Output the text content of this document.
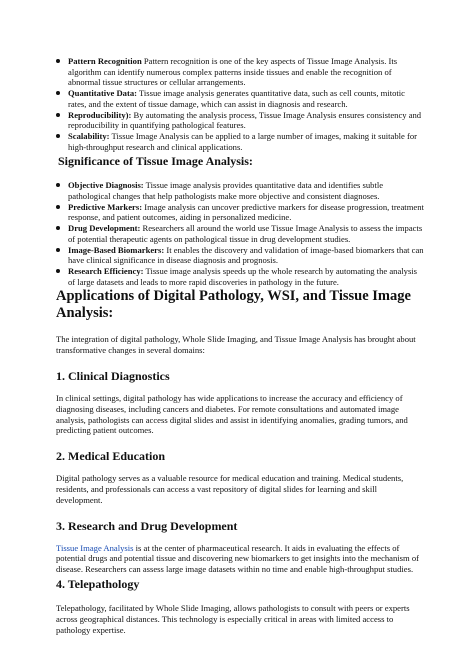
Pattern Recognition Pattern recognition is one of the key aspects of Tissue Image Analysis. Its algorithm can identify numerous complex patterns inside tissues and enable the recognition of abnormal tissue structures or cellular arrangements.
Quantitative Data: Tissue image analysis generates quantitative data, such as cell counts, mitotic rates, and the extent of tissue damage, which can assist in diagnosis and research.
Reproducibility): By automating the analysis process, Tissue Image Analysis ensures consistency and reproducibility in quantifying pathological features.
Scalability: Tissue Image Analysis can be applied to a large number of images, making it suitable for high-throughput research and clinical applications.
Significance of Tissue Image Analysis:
Objective Diagnosis: Tissue image analysis provides quantitative data and identifies subtle pathological changes that help pathologists make more objective and consistent diagnoses.
Predictive Markers: Image analysis can uncover predictive markers for disease progression, treatment response, and patient outcomes, aiding in personalized medicine.
Drug Development: Researchers all around the world use Tissue Image Analysis to assess the impacts of potential therapeutic agents on pathological tissue in drug development studies.
Image-Based Biomarkers: It enables the discovery and validation of image-based biomarkers that can have clinical significance in disease diagnosis and prognosis.
Research Efficiency: Tissue image analysis speeds up the whole research by automating the analysis of large datasets and leads to more rapid discoveries in pathology in the future.
Applications of Digital Pathology, WSI, and Tissue Image Analysis:

The integration of digital pathology, Whole Slide Imaging, and Tissue Image Analysis has brought about transformative changes in several domains:

1. Clinical Diagnostics

In clinical settings, digital pathology has wide applications to increase the accuracy and efficiency of diagnosing diseases, including cancers and diabetes. For remote consultations and automated image analysis, pathologists can access digital slides and assist in identifying anomalies, grading tumors, and predicting patient outcomes.

2. Medical Education

Digital pathology serves as a valuable resource for medical education and training. Medical students, residents, and professionals can access a vast repository of digital slides for learning and skill development.

3. Research and Drug Development

Tissue Image Analysis is at the center of pharmaceutical research. It aids in evaluating the effects of potential drugs and potential tissue and discovering new biomarkers to get insights into the mechanism of disease. Researchers can assess large image datasets within no time and enable high-throughput studies.

4. Telepathology

Telepathology, facilitated by Whole Slide Imaging, allows pathologists to consult with peers or experts across geographical distances. This technology is especially critical in areas with limited access to pathology expertise.
